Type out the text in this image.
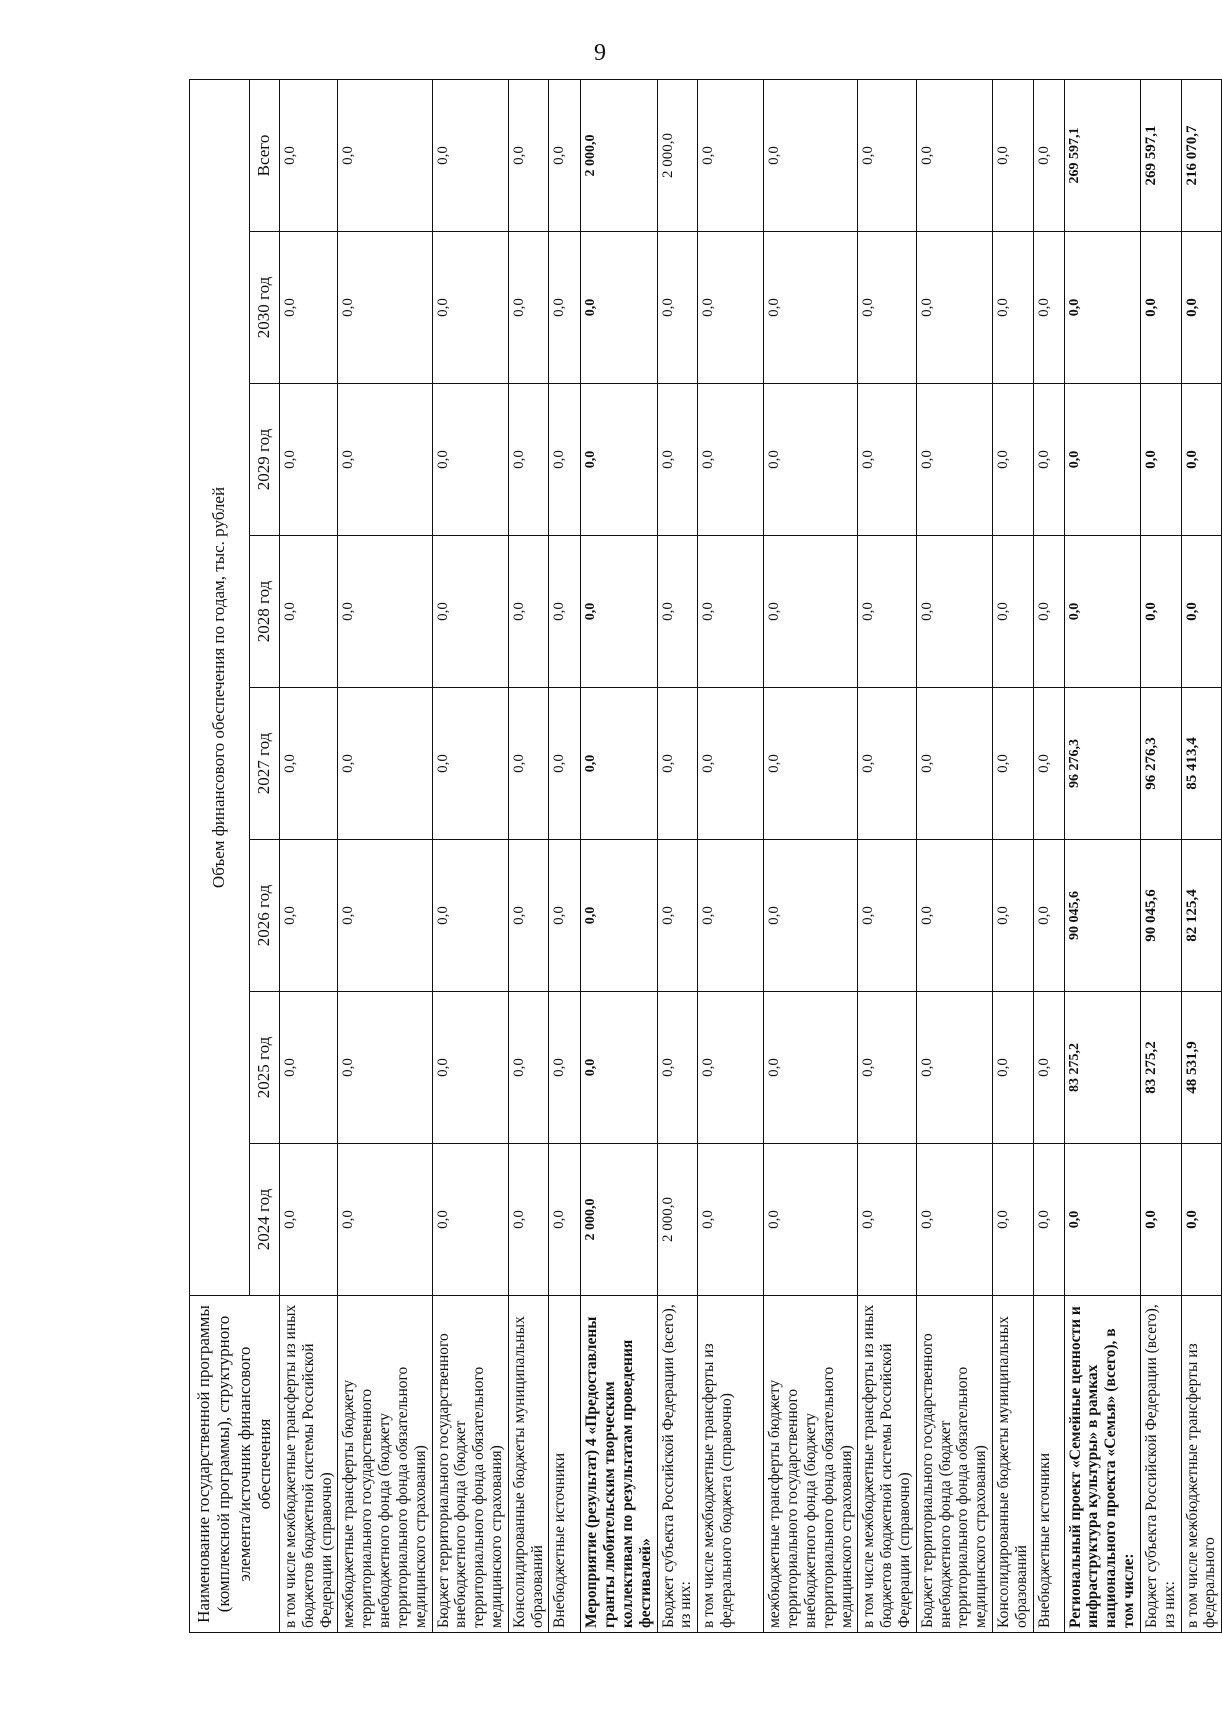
9
Наименование государственной программы (комплексной программы), структурного элемента/источник финансового обеспечения	Объем финансового обеспечения по годам, тыс. рублей							
	2024 год	2025 год	2026 год	2027 год	2028 год	2029 год	2030 год	Всего
в том числе межбюджетные трансферты из иных бюджетов бюджетной системы Российской Федерации (справочно)	0,0	0,0	0,0	0,0	0,0	0,0	0,0	0,0
межбюджетные трансферты бюджету территориального государственного внебюджетного фонда (бюджету территориального фонда обязательного медицинского страхования)	0,0	0,0	0,0	0,0	0,0	0,0	0,0	0,0
Бюджет территориального государственного внебюджетного фонда (бюджет территориального фонда обязательного медицинского страхования)	0,0	0,0	0,0	0,0	0,0	0,0	0,0	0,0
Консолидированные бюджеты муниципальных образований	0,0	0,0	0,0	0,0	0,0	0,0	0,0	0,0
Внебюджетные источники	0,0	0,0	0,0	0,0	0,0	0,0	0,0	0,0
Мероприятие (результат) 4 «Предоставлены гранты любительским творческим коллективам по результатам проведения фестивалей»	2 000,0	0,0	0,0	0,0	0,0	0,0	0,0	2 000,0
Бюджет субъекта Российской Федерации (всего), из них:	2 000,0	0,0	0,0	0,0	0,0	0,0	0,0	2 000,0
в том числе межбюджетные трансферты из федерального бюджета (справочно)	0,0	0,0	0,0	0,0	0,0	0,0	0,0	0,0
межбюджетные трансферты бюджету территориального государственного внебюджетного фонда (бюджету территориального фонда обязательного медицинского страхования)	0,0	0,0	0,0	0,0	0,0	0,0	0,0	0,0
в том числе межбюджетные трансферты из иных бюджетов бюджетной системы Российской Федерации (справочно)	0,0	0,0	0,0	0,0	0,0	0,0	0,0	0,0
Бюджет территориального государственного внебюджетного фонда (бюджет территориального фонда обязательного медицинского страхования)	0,0	0,0	0,0	0,0	0,0	0,0	0,0	0,0
Консолидированные бюджеты муниципальных образований	0,0	0,0	0,0	0,0	0,0	0,0	0,0	0,0
Внебюджетные источники	0,0	0,0	0,0	0,0	0,0	0,0	0,0	0,0
Региональный проект «Семейные ценности и инфраструктура культуры» в рамках национального проекта «Семья» (всего), в том числе:	0,0	83 275,2	90 045,6	96 276,3	0,0	0,0	0,0	269 597,1
Бюджет субъекта Российской Федерации (всего), из них:	0,0	83 275,2	90 045,6	96 276,3	0,0	0,0	0,0	269 597,1
в том числе межбюджетные трансферты из федерального	0,0	48 531,9	82 125,4	85 413,4	0,0	0,0	0,0	216 070,7
